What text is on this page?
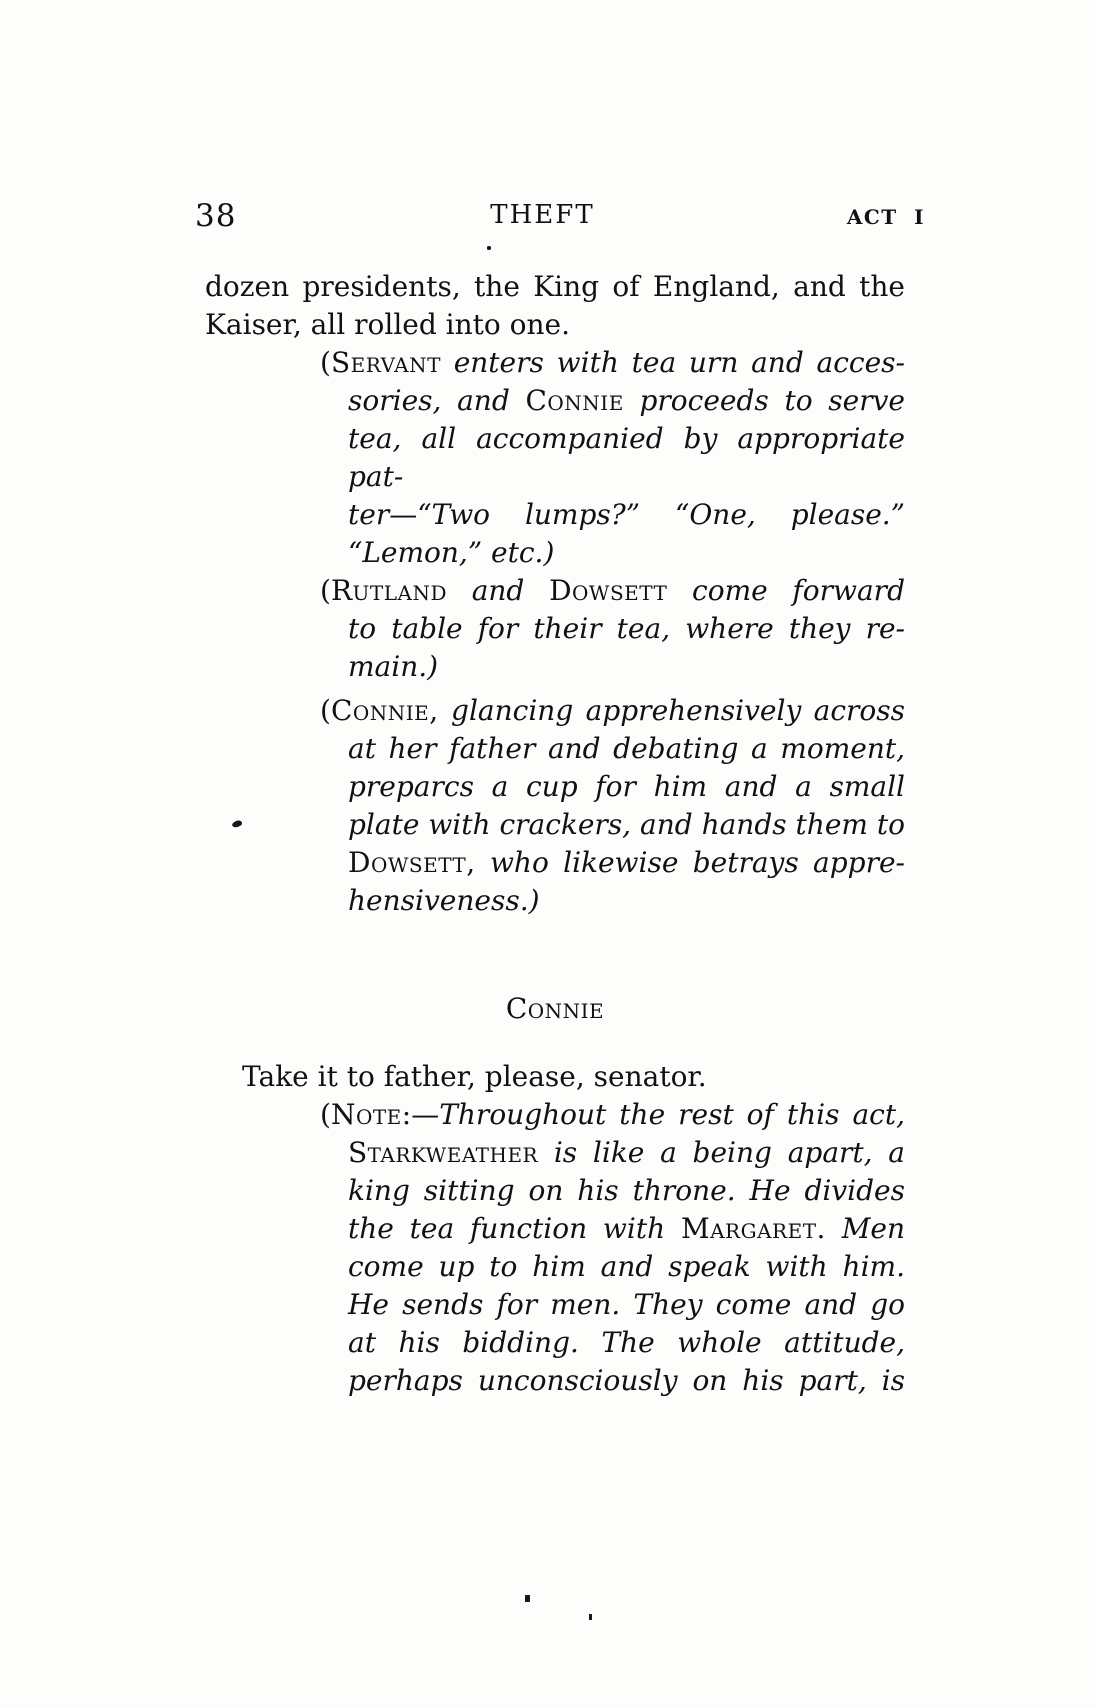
38	THEFT	ACT I
dozen presidents, the King of England, and the
Kaiser, all rolled into one.
(Servant enters with tea urn and acces-
sories, and Connie proceeds to serve
tea, all accompanied by appropriate pat-
ter—“Two lumps?” “One, please.”
“Lemon,” etc.)
(Rutland and Dowsett come forward
to table for their tea, where they re-
main.)
(Connie, glancing apprehensively across
at her father and debating a moment,
preparcs a cup for him and a small
plate with crackers, and hands them to
Dowsett, who likewise betrays appre-
hensiveness.)
Connie
Take it to father, please, senator.
(Note:—Throughout the rest of this act,
Starkweather is like a being apart, a
king sitting on his throne. He divides
the tea function with Margaret. Men
come up to him and speak with him.
He sends for men. They come and go
at his bidding. The whole attitude,
perhaps unconsciously on his part, is
